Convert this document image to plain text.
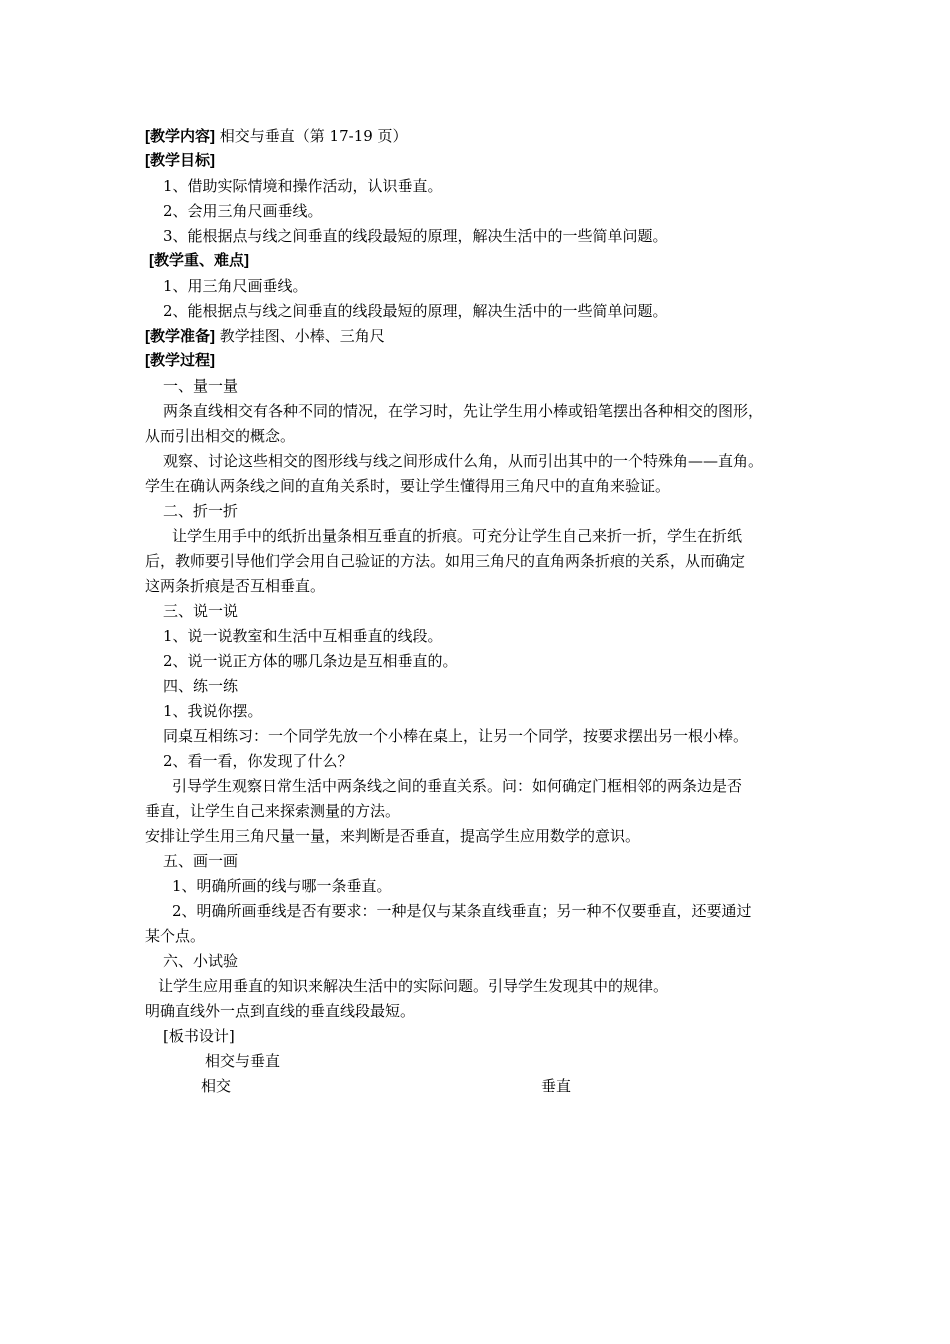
[教学内容] 相交与垂直（第 17-19 页）
[教学目标]
1、借助实际情境和操作活动，认识垂直。
2、会用三角尺画垂线。
3、能根据点与线之间垂直的线段最短的原理，解决生活中的一些简单问题。
[教学重、难点]
1、用三角尺画垂线。
2、能根据点与线之间垂直的线段最短的原理，解决生活中的一些简单问题。
[教学准备] 教学挂图、小棒、三角尺
[教学过程]
一、量一量
两条直线相交有各种不同的情况，在学习时，先让学生用小棒或铅笔摆出各种相交的图形，
从而引出相交的概念。
观察、讨论这些相交的图形线与线之间形成什么角，从而引出其中的一个特殊角——直角。
学生在确认两条线之间的直角关系时，要让学生懂得用三角尺中的直角来验证。
二、折一折
让学生用手中的纸折出量条相互垂直的折痕。可充分让学生自己来折一折，学生在折纸
后，教师要引导他们学会用自己验证的方法。如用三角尺的直角两条折痕的关系，从而确定
这两条折痕是否互相垂直。
三、说一说
1、说一说教室和生活中互相垂直的线段。
2、说一说正方体的哪几条边是互相垂直的。
四、练一练
1、我说你摆。
同桌互相练习：一个同学先放一个小棒在桌上，让另一个同学，按要求摆出另一根小棒。
2、看一看，你发现了什么？
引导学生观察日常生活中两条线之间的垂直关系。问：如何确定门框相邻的两条边是否
垂直，让学生自己来探索测量的方法。
安排让学生用三角尺量一量，来判断是否垂直，提高学生应用数学的意识。
五、画一画
1、明确所画的线与哪一条垂直。
2、明确所画垂线是否有要求：一种是仅与某条直线垂直；另一种不仅要垂直，还要通过
某个点。
六、小试验
让学生应用垂直的知识来解决生活中的实际问题。引导学生发现其中的规律。
明确直线外一点到直线的垂直线段最短。
[板书设计]
相交与垂直
相交	垂直
